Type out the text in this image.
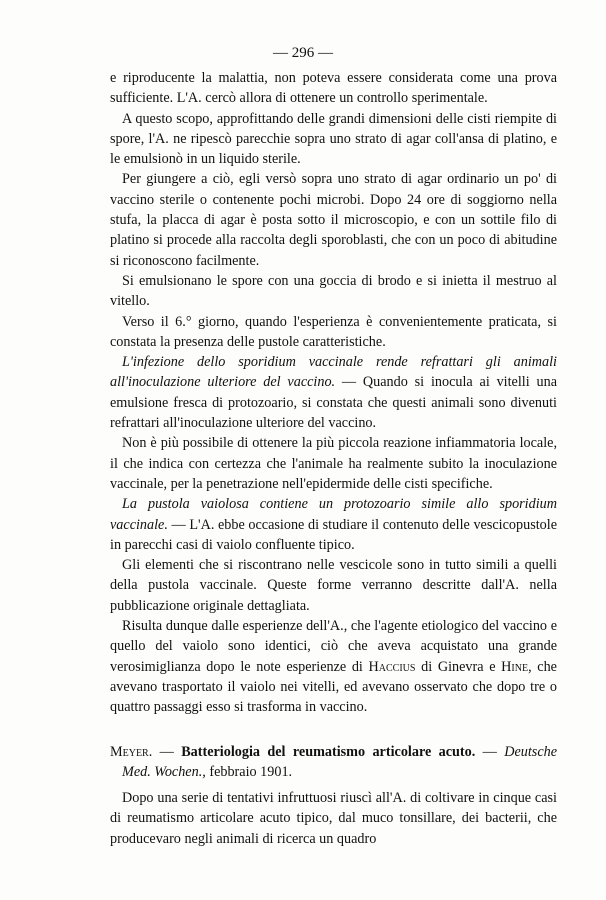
— 296 —

e riproducente la malattia, non poteva essere considerata come una prova sufficiente. L'A. cercò allora di ottenere un controllo sperimentale.

A questo scopo, approfittando delle grandi dimensioni delle cisti riempite di spore, l'A. ne ripescò parecchie sopra uno strato di agar coll'ansa di platino, e le emulsionò in un liquido sterile.

Per giungere a ciò, egli versò sopra uno strato di agar ordinario un po' di vaccino sterile o contenente pochi microbi. Dopo 24 ore di soggiorno nella stufa, la placca di agar è posta sotto il microscopio, e con un sottile filo di platino si procede alla raccolta degli sporoblasti, che con un poco di abitudine si riconoscono facilmente.

Si emulsionano le spore con una goccia di brodo e si inietta il mestruo al vitello.

Verso il 6.° giorno, quando l'esperienza è convenientemente praticata, si constata la presenza delle pustole caratteristiche.

L'infezione dello sporidium vaccinale rende refrattari gli animali all'inoculazione ulteriore del vaccino. — Quando si inocula ai vitelli una emulsione fresca di protozoario, si constata che questi animali sono divenuti refrattari all'inoculazione ulteriore del vaccino.

Non è più possibile di ottenere la più piccola reazione infiammatoria locale, il che indica con certezza che l'animale ha realmente subito la inoculazione vaccinale, per la penetrazione nell'epidermide delle cisti specifiche.

La pustola vaiolosa contiene un protozoario simile allo sporidium vaccinale. — L'A. ebbe occasione di studiare il contenuto delle vescicopustole in parecchi casi di vaiolo confluente tipico.

Gli elementi che si riscontrano nelle vescicole sono in tutto simili a quelli della pustola vaccinale. Queste forme verranno descritte dall'A. nella pubblicazione originale dettagliata.

Risulta dunque dalle esperienze dell'A., che l'agente etiologico del vaccino e quello del vaiolo sono identici, ciò che aveva acquistato una grande verosimiglianza dopo le note esperienze di Haccius di Ginevra e Hine, che avevano trasportato il vaiolo nei vitelli, ed avevano osservato che dopo tre o quattro passaggi esso si trasforma in vaccino.

Meyer. — Batteriologia del reumatismo articolare acuto. — Deutsche Med. Wochen., febbraio 1901.

Dopo una serie di tentativi infruttuosi riuscì all'A. di coltivare in cinque casi di reumatismo articolare acuto tipico, dal muco tonsillare, dei bacterii, che producevaro negli animali di ricerca un quadro
